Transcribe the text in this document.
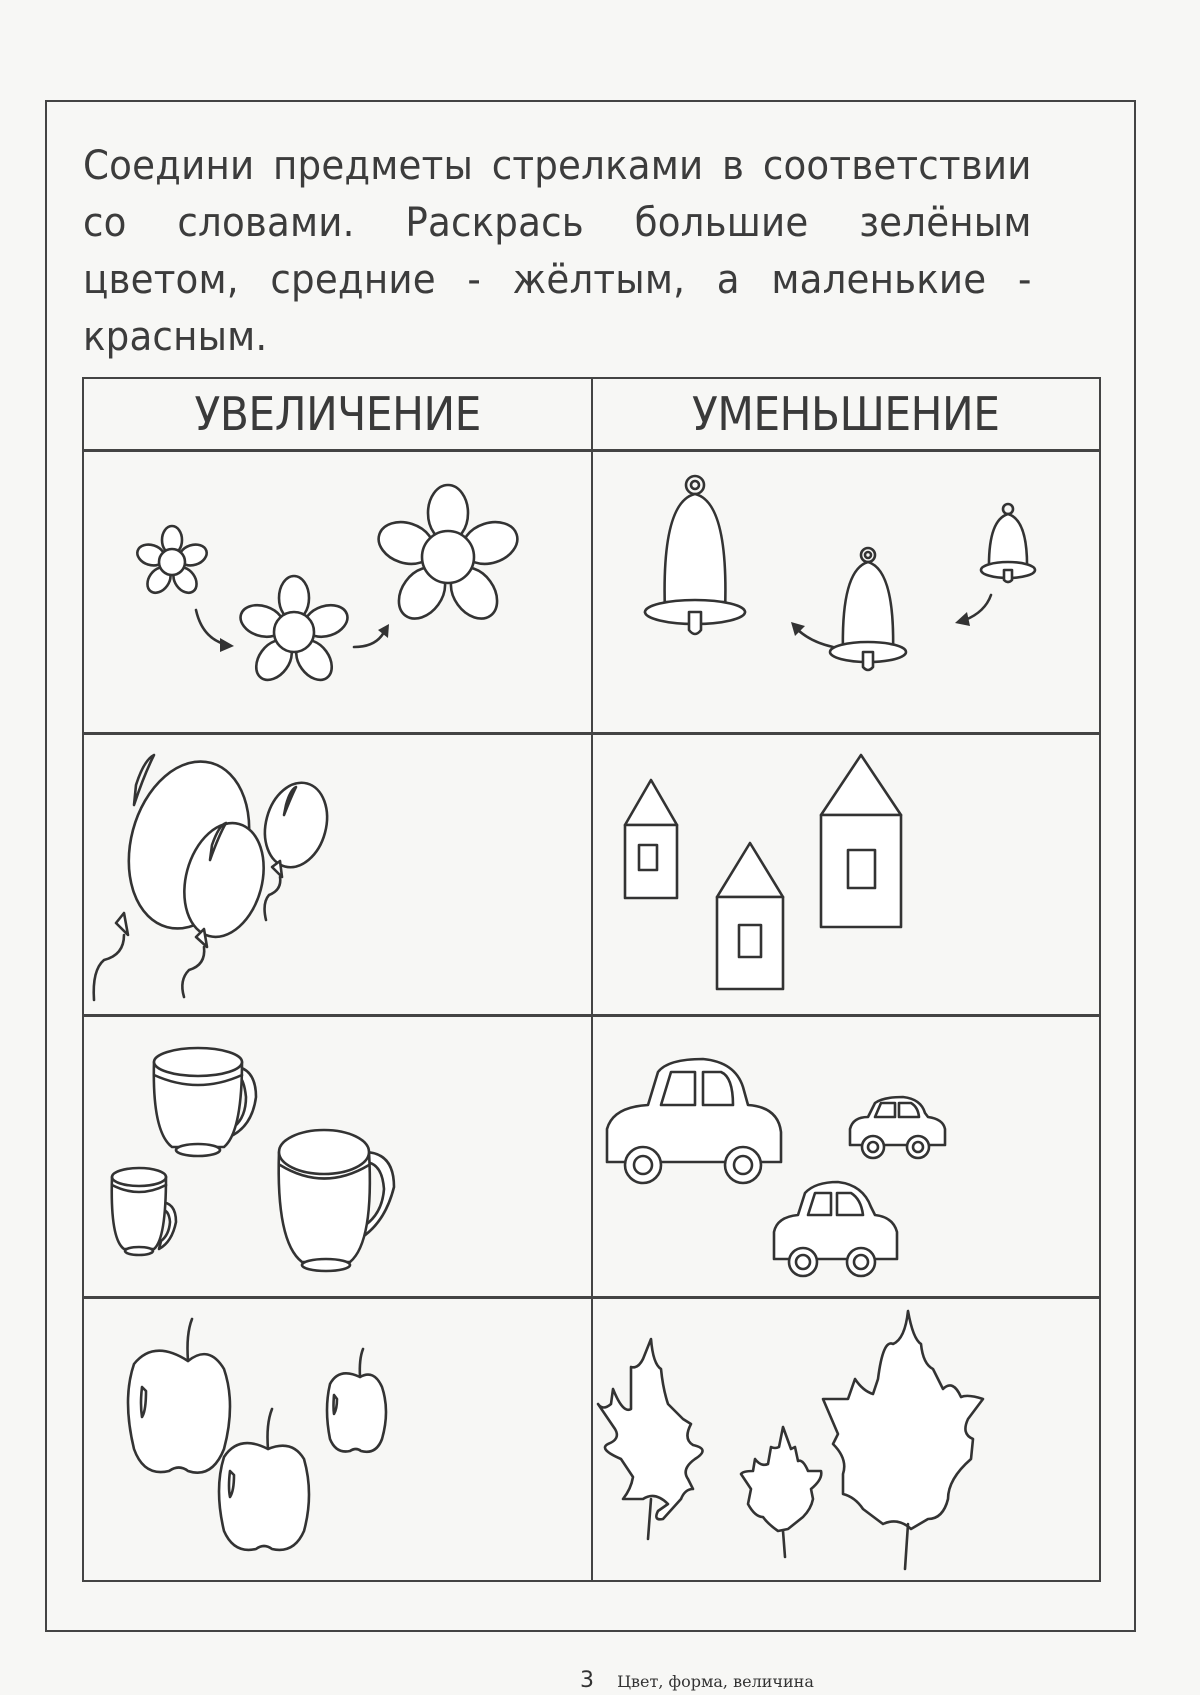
Соедини предметы стрелками в соответствии со словами. Раскрась большие зелёным цветом, средние - жёлтым, а маленькие - красным.
УВЕЛИЧЕНИЕ	УМЕНЬШЕНИЕ
3 Цвет, форма, величина
